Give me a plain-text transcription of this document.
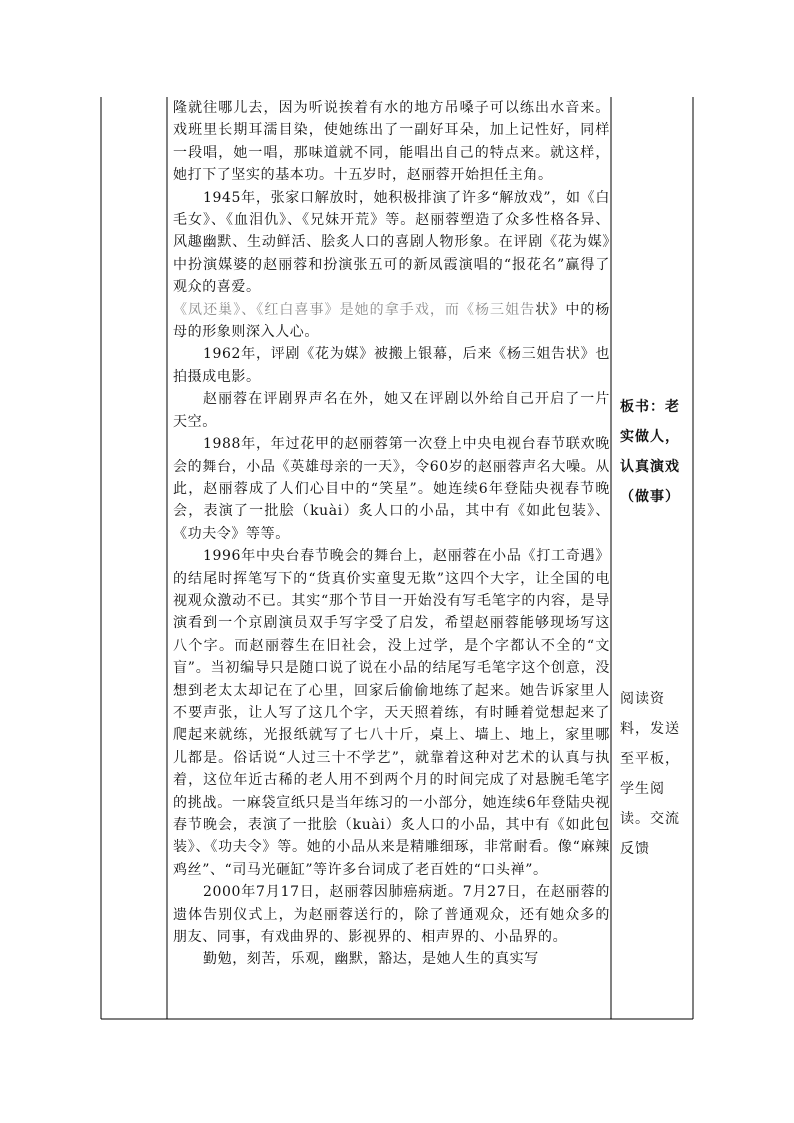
隆就往哪儿去，因为听说挨着有水的地方吊嗓子可以练出水音来。戏班里长期耳濡目染，使她练出了一副好耳朵，加上记性好，同样一段唱，她一唱，那味道就不同，能唱出自己的特点来。就这样，她打下了坚实的基本功。十五岁时，赵丽蓉开始担任主角。

1945年，张家口解放时，她积极排演了许多“解放戏”，如《白毛女》、《血泪仇》、《兄妹开荒》等。赵丽蓉塑造了众多性格各异、风趣幽默、生动鲜活、脍炙人口的喜剧人物形象。在评剧《花为媒》中扮演媒婆的赵丽蓉和扮演张五可的新凤霞演唱的“报花名”赢得了观众的喜爱。

《凤还巢》、《红白喜事》是她的拿手戏，而《杨三姐告状》中的杨母的形象则深入人心。

1962年，评剧《花为媒》被搬上银幕，后来《杨三姐告状》也拍摄成电影。

赵丽蓉在评剧界声名在外，她又在评剧以外给自己开启了一片天空。

1988年，年过花甲的赵丽蓉第一次登上中央电视台春节联欢晚会的舞台，小品《英雄母亲的一天》，令60岁的赵丽蓉声名大噪。从此，赵丽蓉成了人们心目中的“笑星”。她连续6年登陆央视春节晚会，表演了一批脍（kuài）炙人口的小品，其中有《如此包装》、《功夫令》等等。

1996年中央台春节晚会的舞台上，赵丽蓉在小品《打工奇遇》的结尾时挥笔写下的“货真价实童叟无欺”这四个大字，让全国的电视观众激动不已。其实“那个节目一开始没有写毛笔字的内容，是导演看到一个京剧演员双手写字受了启发，希望赵丽蓉能够现场写这八个字。而赵丽蓉生在旧社会，没上过学，是个字都认不全的“文盲”。当初编导只是随口说了说在小品的结尾写毛笔字这个创意，没想到老太太却记在了心里，回家后偷偷地练了起来。她告诉家里人不要声张，让人写了这几个字，天天照着练，有时睡着觉想起来了爬起来就练，光报纸就写了七八十斤，桌上、墙上、地上，家里哪儿都是。俗话说“人过三十不学艺”，就靠着这种对艺术的认真与执着，这位年近古稀的老人用不到两个月的时间完成了对悬腕毛笔字的挑战。一麻袋宣纸只是当年练习的一小部分，她连续6年登陆央视春节晚会，表演了一批脍（kuài）炙人口的小品，其中有《如此包装》、《功夫令》等。她的小品从来是精雕细琢，非常耐看。像“麻辣鸡丝”、“司马光砸缸”等许多台词成了老百姓的“口头禅”。

2000年7月17日，赵丽蓉因肺癌病逝。7月27日，在赵丽蓉的遗体告别仪式上，为赵丽蓉送行的，除了普通观众，还有她众多的朋友、同事，有戏曲界的、影视界的、相声界的、小品界的。

勤勉，刻苦，乐观，幽默，豁达，是她人生的真实写

板书：老实做人，认真演戏（做事）
阅读资料，发送至平板，学生阅读。交流反馈
